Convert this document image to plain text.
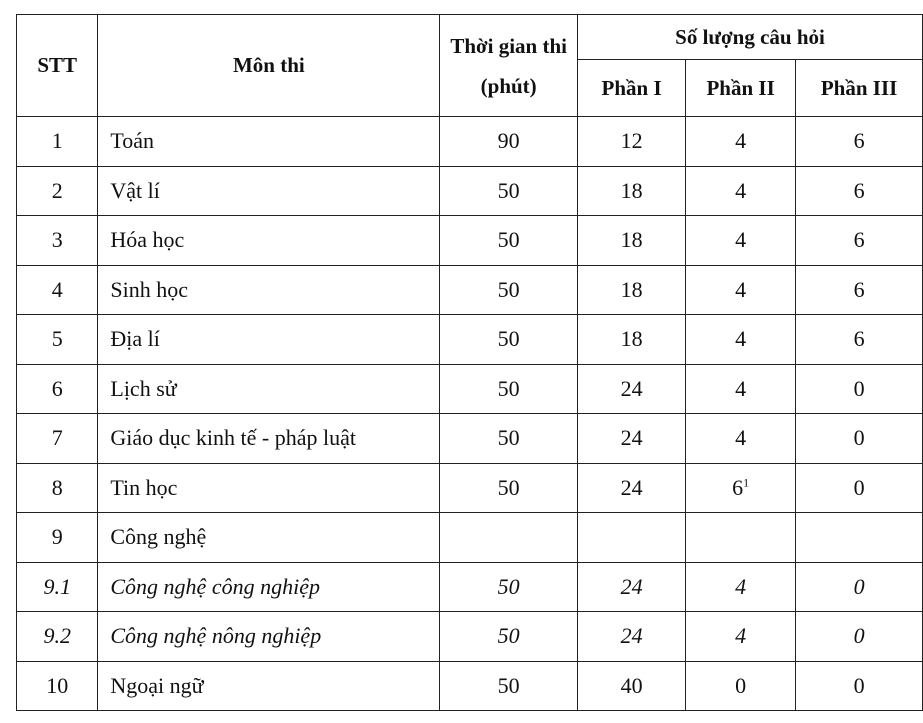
STT	Môn thi	Thời gian thi (phút)	Số lượng câu hỏi		
			Phần I	Phần II	Phần III
1	Toán	90	12	4	6
2	Vật lí	50	18	4	6
3	Hóa học	50	18	4	6
4	Sinh học	50	18	4	6
5	Địa lí	50	18	4	6
6	Lịch sử	50	24	4	0
7	Giáo dục kinh tế - pháp luật	50	24	4	0
8	Tin học	50	24	$6^1$	0
9	Công nghệ				
9.1	Công nghệ công nghiệp	50	24	4	0
9.2	Công nghệ nông nghiệp	50	24	4	0
10	Ngoại ngữ	50	40	0	0
